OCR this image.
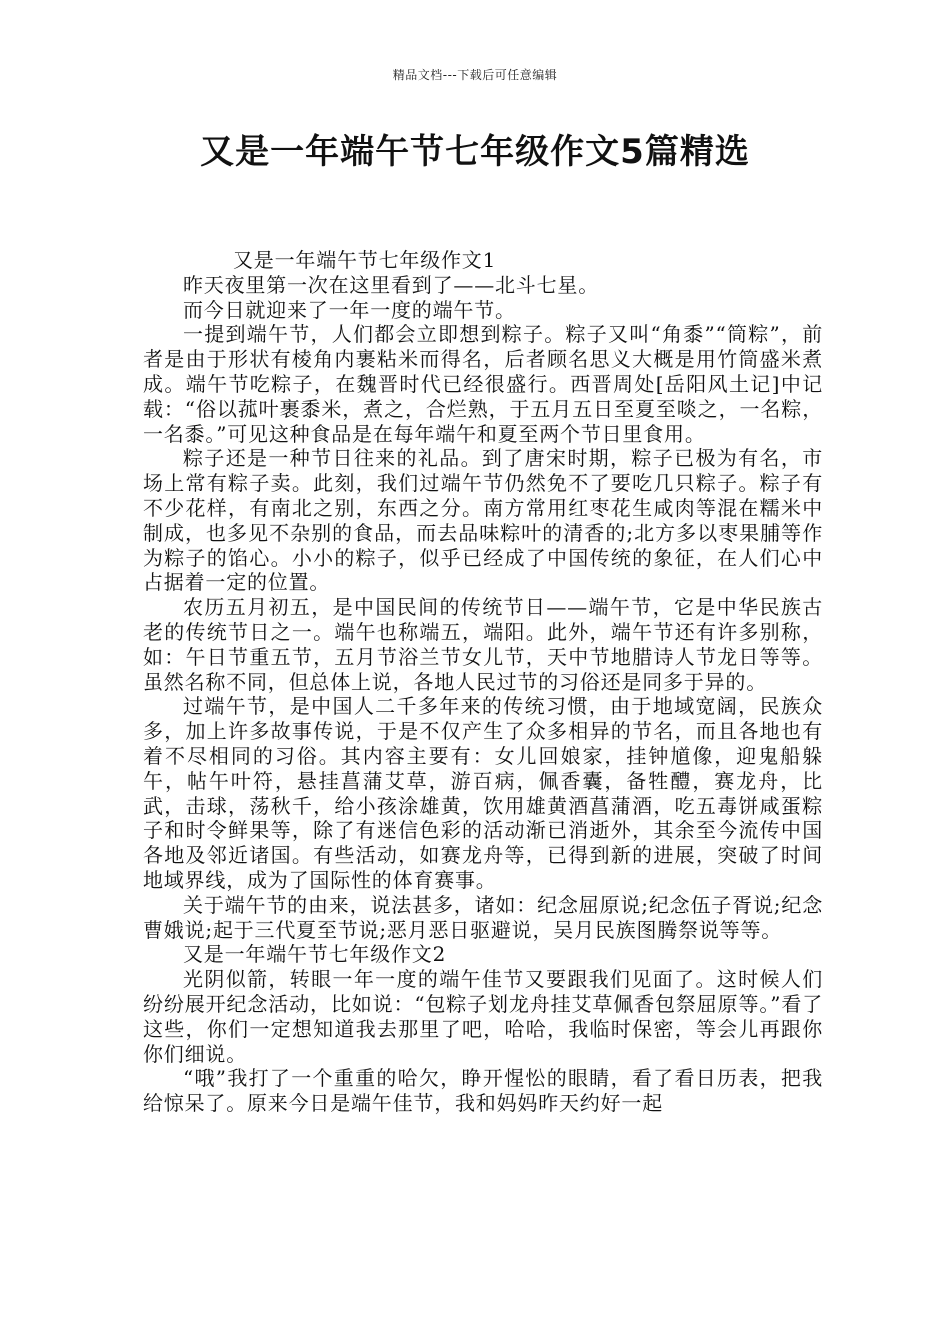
精品文档---下载后可任意编辑
又是一年端午节七年级作文5篇精选

又是一年端午节七年级作文1

昨天夜里第一次在这里看到了——北斗七星。

而今日就迎来了一年一度的端午节。

一提到端午节，人们都会立即想到粽子。粽子又叫“角黍”“筒粽”，前者是由于形状有棱角内裹粘米而得名，后者顾名思义大概是用竹筒盛米煮成。端午节吃粽子，在魏晋时代已经很盛行。西晋周处[岳阳风土记]中记载：“俗以菰叶裹黍米，煮之，合烂熟，于五月五日至夏至啖之，一名粽，一名黍。”可见这种食品是在每年端午和夏至两个节日里食用。

粽子还是一种节日往来的礼品。到了唐宋时期，粽子已极为有名，市场上常有粽子卖。此刻，我们过端午节仍然免不了要吃几只粽子。粽子有不少花样，有南北之别，东西之分。南方常用红枣花生咸肉等混在糯米中制成，也多见不杂别的食品，而去品味粽叶的清香的;北方多以枣果脯等作为粽子的馅心。小小的粽子，似乎已经成了中国传统的象征，在人们心中占据着一定的位置。

农历五月初五，是中国民间的传统节日——端午节，它是中华民族古老的传统节日之一。端午也称端五，端阳。此外，端午节还有许多别称，如：午日节重五节，五月节浴兰节女儿节，天中节地腊诗人节龙日等等。虽然名称不同，但总体上说，各地人民过节的习俗还是同多于异的。

过端午节，是中国人二千多年来的传统习惯，由于地域宽阔，民族众多，加上许多故事传说，于是不仅产生了众多相异的节名，而且各地也有着不尽相同的习俗。其内容主要有：女儿回娘家，挂钟馗像，迎鬼船躲午，帖午叶符，悬挂菖蒲艾草，游百病，佩香囊，备牲醴，赛龙舟，比武，击球，荡秋千，给小孩涂雄黄，饮用雄黄酒菖蒲酒，吃五毒饼咸蛋粽子和时令鲜果等，除了有迷信色彩的活动渐已消逝外，其余至今流传中国各地及邻近诸国。有些活动，如赛龙舟等，已得到新的进展，突破了时间地域界线，成为了国际性的体育赛事。

关于端午节的由来，说法甚多，诸如：纪念屈原说;纪念伍子胥说;纪念曹娥说;起于三代夏至节说;恶月恶日驱避说，吴月民族图腾祭说等等。

又是一年端午节七年级作文2

光阴似箭，转眼一年一度的端午佳节又要跟我们见面了。这时候人们纷纷展开纪念活动，比如说：“包粽子划龙舟挂艾草佩香包祭屈原等。”看了这些，你们一定想知道我去那里了吧，哈哈，我临时保密，等会儿再跟你你们细说。

“哦”我打了一个重重的哈欠，睁开惺忪的眼睛，看了看日历表，把我给惊呆了。原来今日是端午佳节，我和妈妈昨天约好一起
